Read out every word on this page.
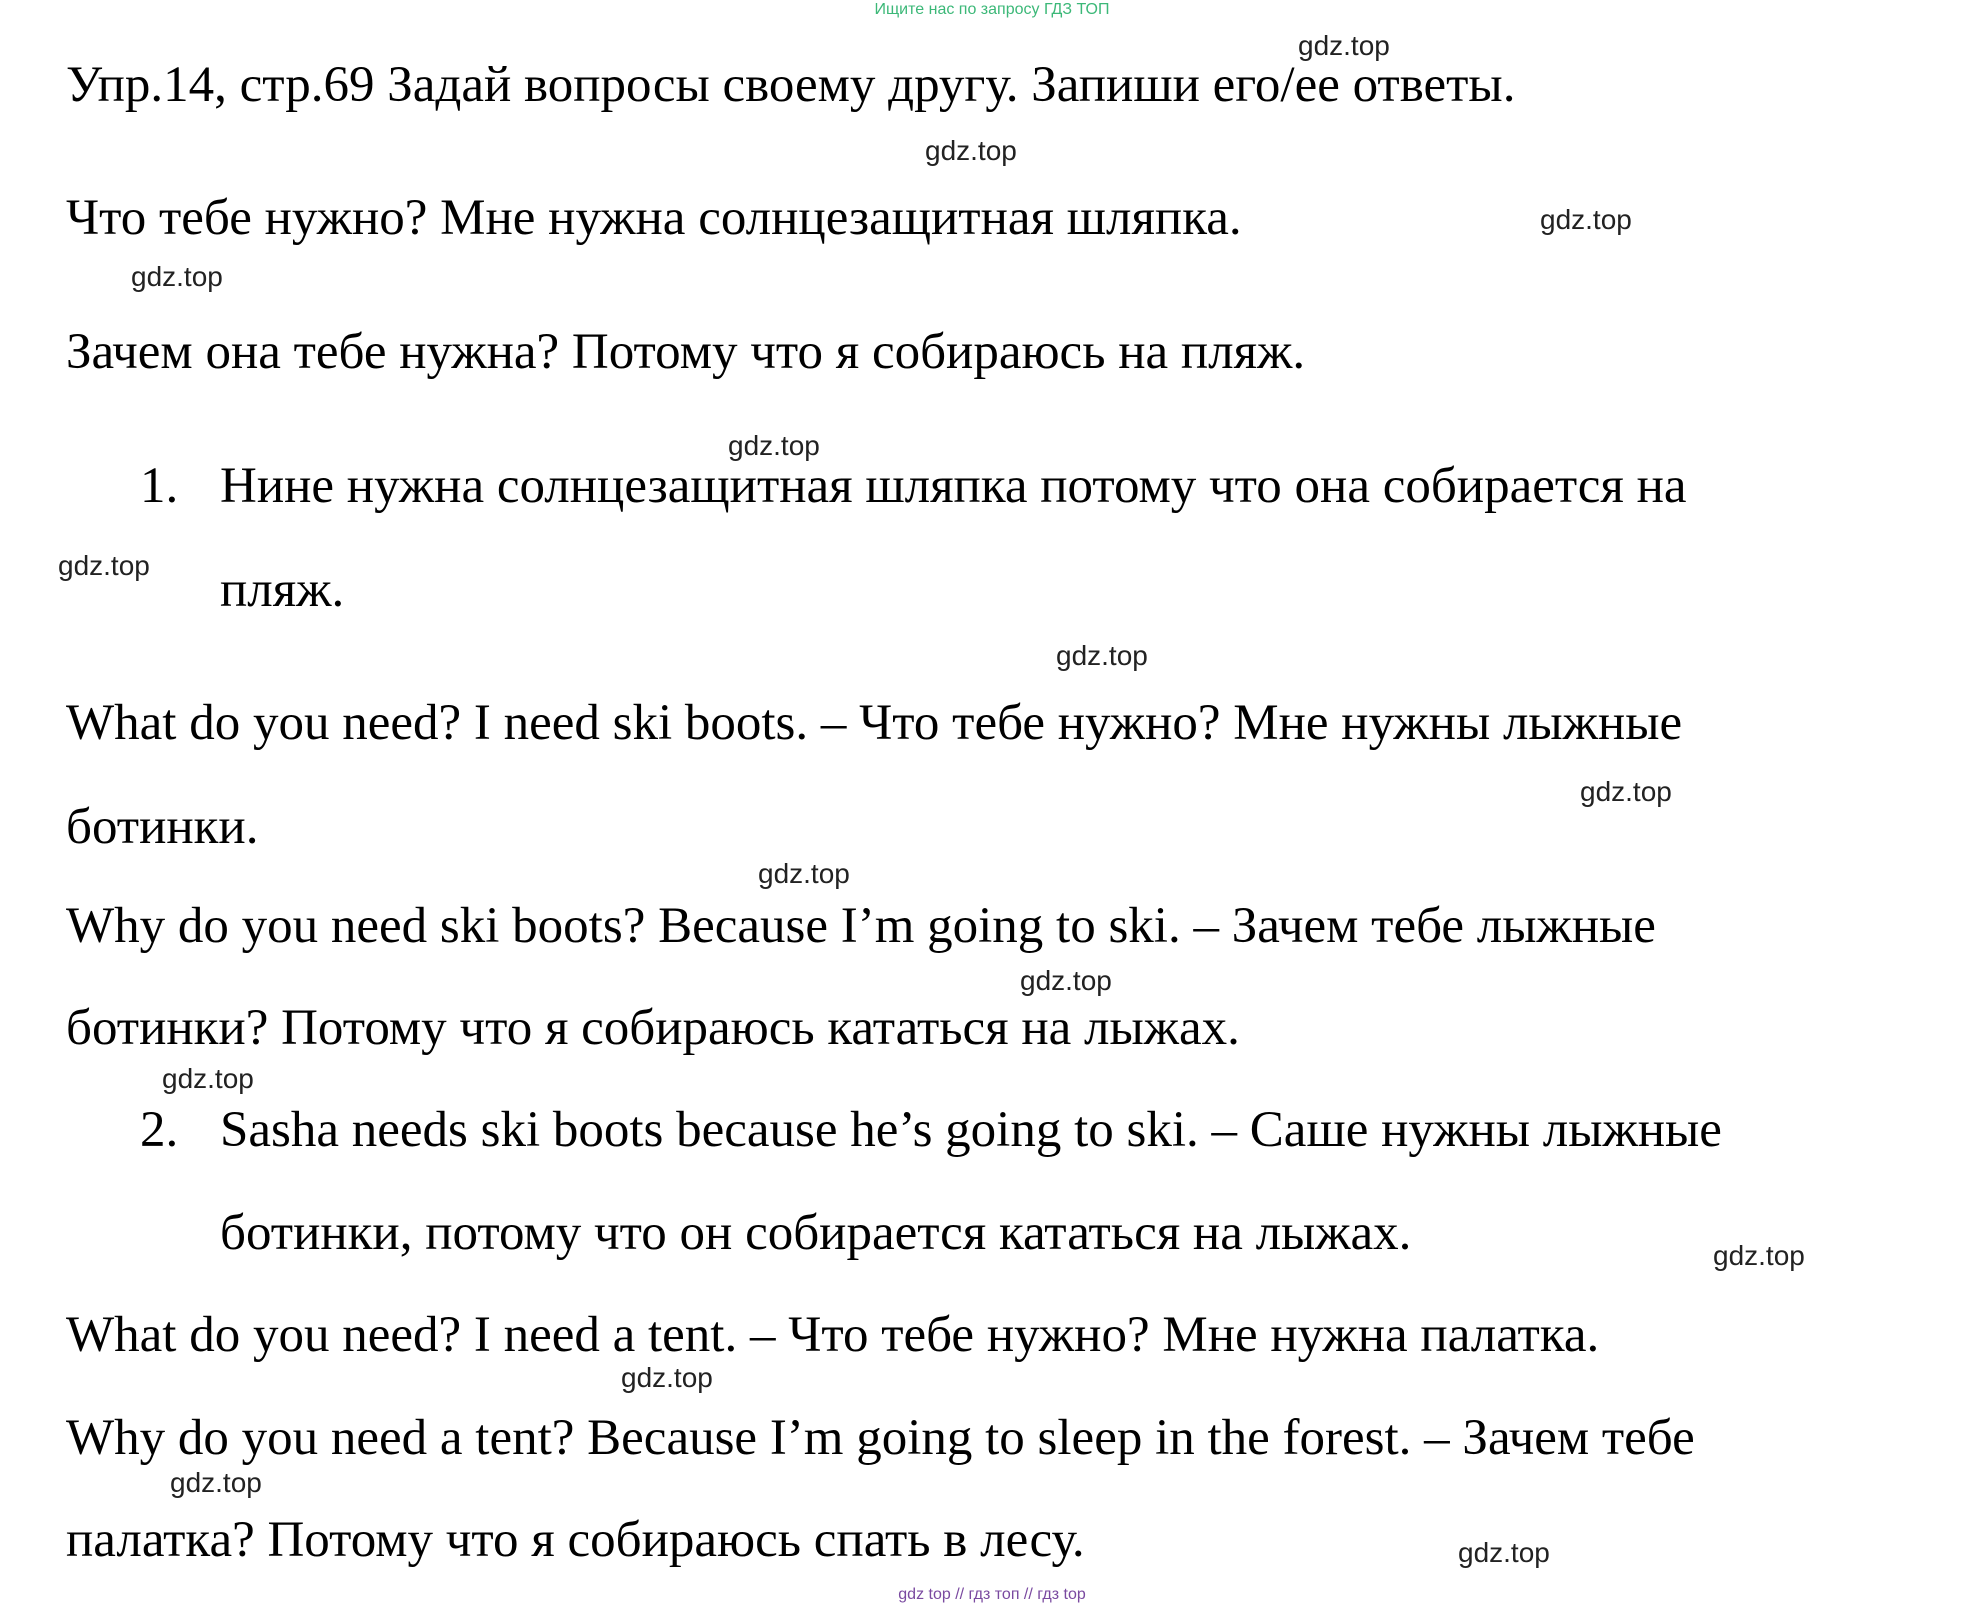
Ищите нас по запросу ГДЗ ТОП
Упр.14, стр.69 Задай вопросы своему другу. Запиши его/ее ответы.
Что тебе нужно? Мне нужна солнцезащитная шляпка.
Зачем она тебе нужна? Потому что я собираюсь на пляж.
1. Нине нужна солнцезащитная шляпка потому что она собирается на
пляж.
What do you need? I need ski boots. – Что тебе нужно? Мне нужны лыжные
ботинки.
Why do you need ski boots? Because I’m going to ski. – Зачем тебе лыжные
ботинки? Потому что я собираюсь кататься на лыжах.
2. Sasha needs ski boots because he’s going to ski. – Саше нужны лыжные
ботинки, потому что он собирается кататься на лыжах.
What do you need? I need a tent. – Что тебе нужно? Мне нужна палатка.
Why do you need a tent? Because I’m going to sleep in the forest. – Зачем тебе
палатка? Потому что я собираюсь спать в лесу.
gdz.top
gdz.top
gdz.top
gdz.top
gdz.top
gdz.top
gdz.top
gdz.top
gdz.top
gdz.top
gdz.top
gdz.top
gdz.top
gdz.top
gdz.top
gdz top // гдз топ // гдз top
